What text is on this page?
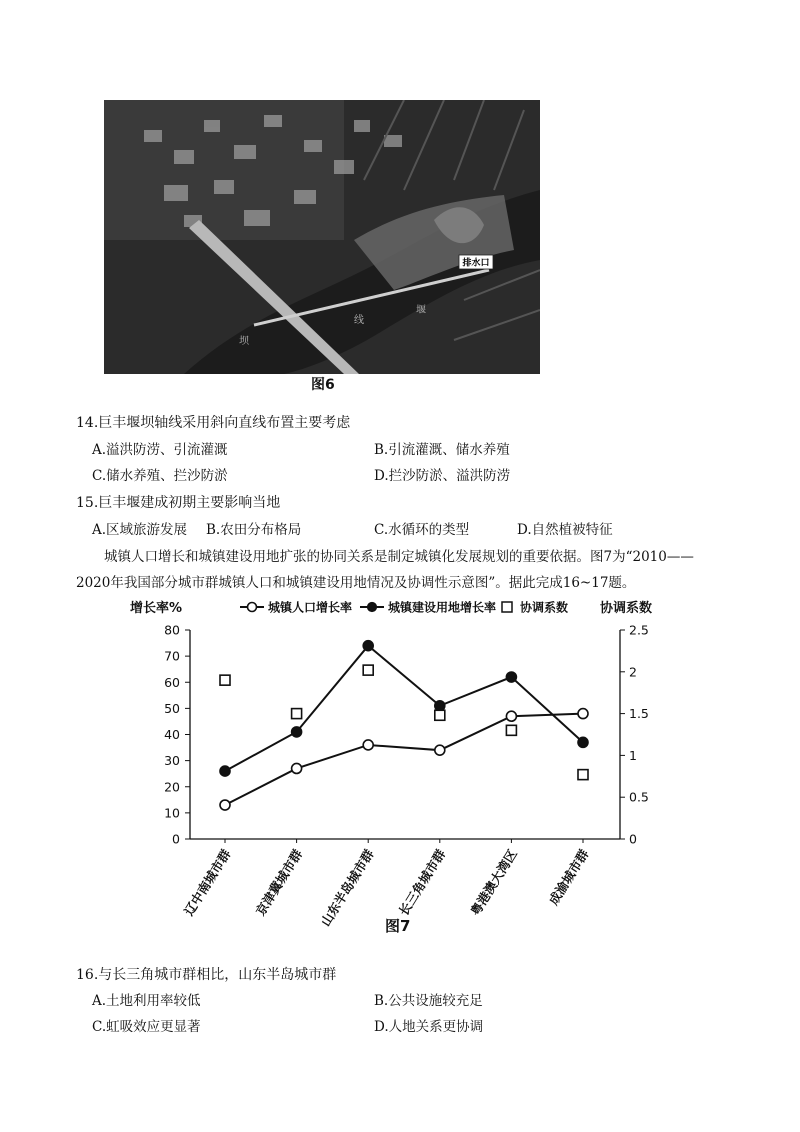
排水口
堰
线
坝
图6
14.巨丰堰坝轴线采用斜向直线布置主要考虑
A.溢洪防涝、引流灌溉	B.引流灌溉、储水养殖
C.储水养殖、拦沙防淤	D.拦沙防淤、溢洪防涝
15.巨丰堰建成初期主要影响当地
A.区域旅游发展 B.农田分布格局	C.水循环的类型	D.自然植被特征
城镇人口增长和城镇建设用地扩张的协同关系是制定城镇化发展规划的重要依据。图7为“2010——
2020年我国部分城市群城镇人口和城镇建设用地情况及协调性示意图”。据此完成16~17题。
0
10
20
30
40
50
60
70
80
0
0.5
1
1.5
2
2.5
辽中南城市群 京津冀城市群 山东半岛城市群 长三角城市群 粤港澳大湾区 成渝城市群
增长率%	协调系数
城镇人口增长率	城镇建设用地增长率 协调系数
图7
16.与长三角城市群相比，山东半岛城市群
A.土地利用率较低	B.公共设施较充足
C.虹吸效应更显著	D.人地关系更协调
